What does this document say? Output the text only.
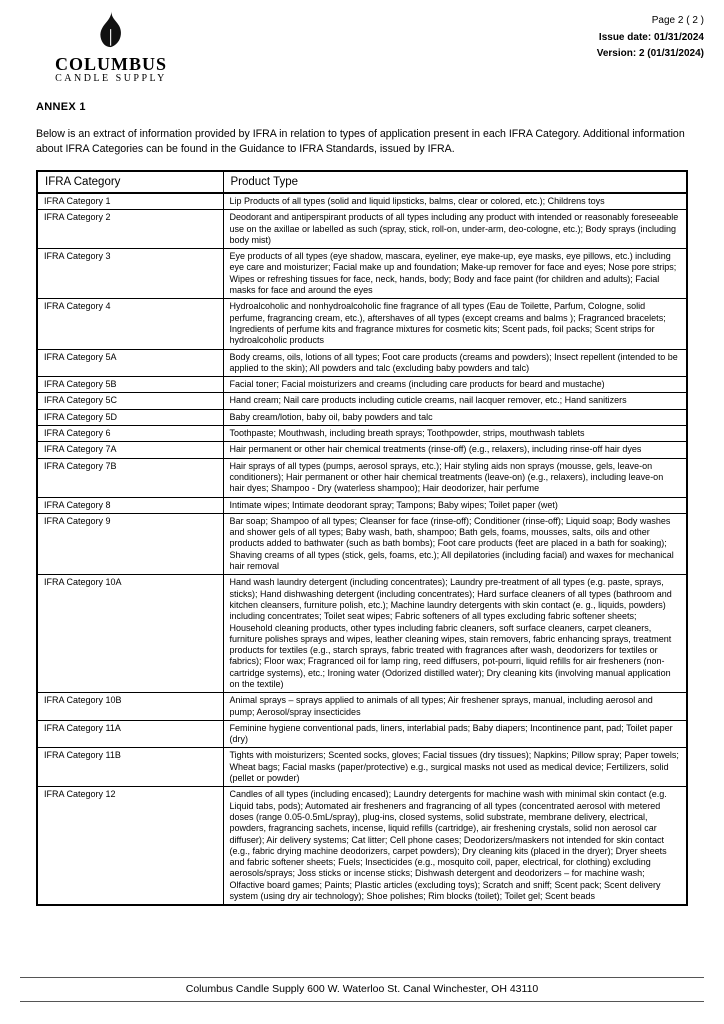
COLUMBUS
CANDLE SUPPLY
Page 2 ( 2 )
Issue date: 01/31/2024
Version: 2 (01/31/2024)
ANNEX 1

Below is an extract of information provided by IFRA in relation to types of application present in each IFRA Category. Additional information about IFRA Categories can be found in the Guidance to IFRA Standards, issued by IFRA.

IFRA Category	Product Type
IFRA Category 1	Lip Products of all types (solid and liquid lipsticks, balms, clear or colored, etc.); Childrens toys
IFRA Category 2	Deodorant and antiperspirant products of all types including any product with intended or reasonably foreseeable use on the axillae or labelled as such (spray, stick, roll-on, under-arm, deo-cologne, etc.); Body sprays (including body mist)
IFRA Category 3	Eye products of all types (eye shadow, mascara, eyeliner, eye make-up, eye masks, eye pillows, etc.) including eye care and moisturizer; Facial make up and foundation; Make-up remover for face and eyes; Nose pore strips; Wipes or refreshing tissues for face, neck, hands, body; Body and face paint (for children and adults); Facial masks for face and around the eyes
IFRA Category 4	Hydroalcoholic and nonhydroalcoholic fine fragrance of all types (Eau de Toilette, Parfum, Cologne, solid perfume, fragrancing cream, etc.), aftershaves of all types (except creams and balms ); Fragranced bracelets; Ingredients of perfume kits and fragrance mixtures for cosmetic kits; Scent pads, foil packs; Scent strips for hydroalcoholic products
IFRA Category 5A	Body creams, oils, lotions of all types; Foot care products (creams and powders); Insect repellent (intended to be applied to the skin); All powders and talc (excluding baby powders and talc)
IFRA Category 5B	Facial toner; Facial moisturizers and creams (including care products for beard and mustache)
IFRA Category 5C	Hand cream; Nail care products including cuticle creams, nail lacquer remover, etc.; Hand sanitizers
IFRA Category 5D	Baby cream/lotion, baby oil, baby powders and talc
IFRA Category 6	Toothpaste; Mouthwash, including breath sprays; Toothpowder, strips, mouthwash tablets
IFRA Category 7A	Hair permanent or other hair chemical treatments (rinse-off) (e.g., relaxers), including rinse-off hair dyes
IFRA Category 7B	Hair sprays of all types (pumps, aerosol sprays, etc.); Hair styling aids non sprays (mousse, gels, leave-on conditioners); Hair permanent or other hair chemical treatments (leave-on) (e.g., relaxers), including leave-on hair dyes; Shampoo - Dry (waterless shampoo); Hair deodorizer, hair perfume
IFRA Category 8	Intimate wipes; Intimate deodorant spray; Tampons; Baby wipes; Toilet paper (wet)
IFRA Category 9	Bar soap; Shampoo of all types; Cleanser for face (rinse-off); Conditioner (rinse-off); Liquid soap; Body washes and shower gels of all types; Baby wash, bath, shampoo; Bath gels, foams, mousses, salts, oils and other products added to bathwater (such as bath bombs); Foot care products (feet are placed in a bath for soaking); Shaving creams of all types (stick, gels, foams, etc.); All depilatories (including facial) and waxes for mechanical hair removal
IFRA Category 10A	Hand wash laundry detergent (including concentrates); Laundry pre-treatment of all types (e.g. paste, sprays, sticks); Hand dishwashing detergent (including concentrates); Hard surface cleaners of all types (bathroom and kitchen cleansers, furniture polish, etc.); Machine laundry detergents with skin contact (e. g., liquids, powders) including concentrates; Toilet seat wipes; Fabric softeners of all types excluding fabric softener sheets; Household cleaning products, other types including fabric cleaners, soft surface cleaners, carpet cleaners, furniture polishes sprays and wipes, leather cleaning wipes, stain removers, fabric enhancing sprays, treatment products for textiles (e.g., starch sprays, fabric treated with fragrances after wash, deodorizers for textiles or fabrics); Floor wax; Fragranced oil for lamp ring, reed diffusers, pot-pourri, liquid refills for air fresheners (non-cartridge systems), etc.; Ironing water (Odorized distilled water); Dry cleaning kits (involving manual application on the textile)
IFRA Category 10B	Animal sprays – sprays applied to animals of all types; Air freshener sprays, manual, including aerosol and pump; Aerosol/spray insecticides
IFRA Category 11A	Feminine hygiene conventional pads, liners, interlabial pads; Baby diapers; Incontinence pant, pad; Toilet paper (dry)
IFRA Category 11B	Tights with moisturizers; Scented socks, gloves; Facial tissues (dry tissues); Napkins; Pillow spray; Paper towels; Wheat bags; Facial masks (paper/protective) e.g., surgical masks not used as medical device; Fertilizers, solid (pellet or powder)
IFRA Category 12	Candles of all types (including encased); Laundry detergents for machine wash with minimal skin contact (e.g. Liquid tabs, pods); Automated air fresheners and fragrancing of all types (concentrated aerosol with metered doses (range 0.05-0.5mL/spray), plug-ins, closed systems, solid substrate, membrane delivery, electrical, powders, fragrancing sachets, incense, liquid refills (cartridge), air freshening crystals, solid non aerosol car diffuser); Air delivery systems; Cat litter; Cell phone cases; Deodorizers/maskers not intended for skin contact (e.g., fabric drying machine deodorizers, carpet powders); Dry cleaning kits (placed in the dryer); Dryer sheets and fabric softener sheets; Fuels; Insecticides (e.g., mosquito coil, paper, electrical, for clothing) excluding aerosols/sprays; Joss sticks or incense sticks; Dishwash detergent and deodorizers – for machine wash; Olfactive board games; Paints; Plastic articles (excluding toys); Scratch and sniff; Scent pack; Scent delivery system (using dry air technology); Shoe polishes; Rim blocks (toilet); Toilet gel; Scent beads
Columbus Candle Supply 600 W. Waterloo St. Canal Winchester, OH 43110
